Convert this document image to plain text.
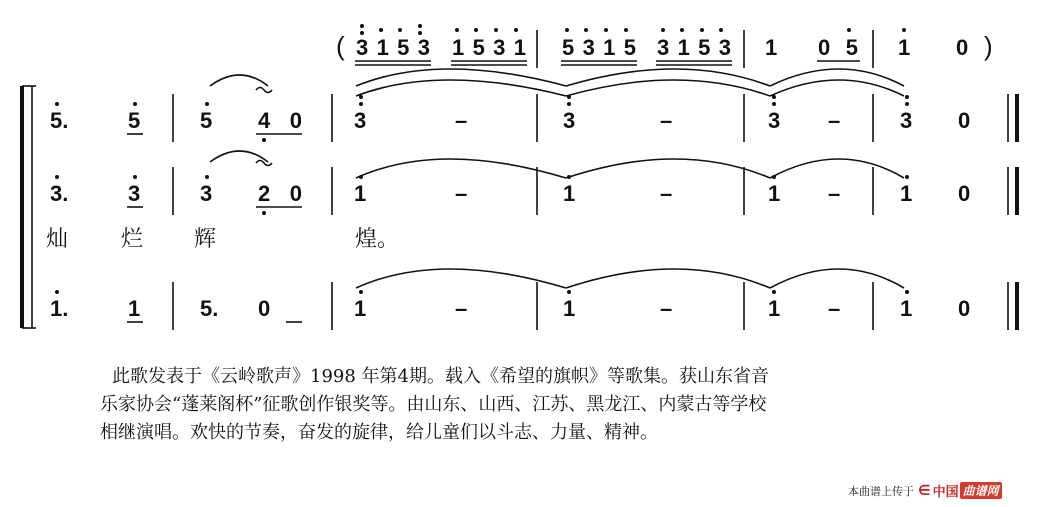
( 3153 1531 5315 3153 1 05 1 0 )
5.	5	5 40 3	–	3	–	3 –	3 0
3.	3	3 20 1	–	1	–	1 –	1 0
1.	1	5. 0	1	–	1	–	1 –	1 0
灿 烂 辉	煌。

此歌发表于《云岭歌声》1998 年第4期。载入《希望的旗帜》等歌集。获山东省音

乐家协会“蓬莱阁杯”征歌创作银奖等。由山东、山西、江苏、黑龙江、内蒙古等学校

相继演唱。欢快的节奏，奋发的旋律，给儿童们以斗志、力量、精神。

本曲谱上传于 ∈ 中国 曲谱网
